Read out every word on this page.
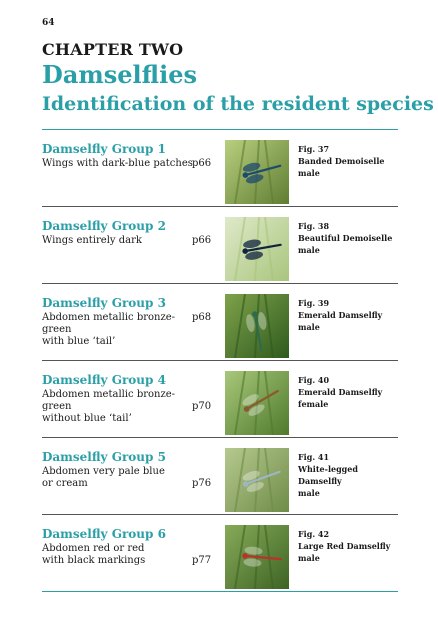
64
CHAPTER TWO
Damselflies
Identification of the resident species
Damselfly Group 1
Wings with dark-blue patches p66
Fig. 37
Banded Demoiselle
male
Damselfly Group 2
Wings entirely dark	p66
Fig. 38
Beautiful Demoiselle
male
Damselfly Group 3
Abdomen metallic bronze-green
with blue ‘tail’
p68
Fig. 39
Emerald Damselfly
male
Damselfly Group 4
Abdomen metallic bronze-green
without blue ‘tail’
p70
Fig. 40
Emerald Damselfly
female
Damselfly Group 5
Abdomen very pale blue
or cream	p76
Fig. 41
White-legged Damselfly
male
Damselfly Group 6
Abdomen red or red
with black markings	p77
Fig. 42
Large Red Damselfly
male
